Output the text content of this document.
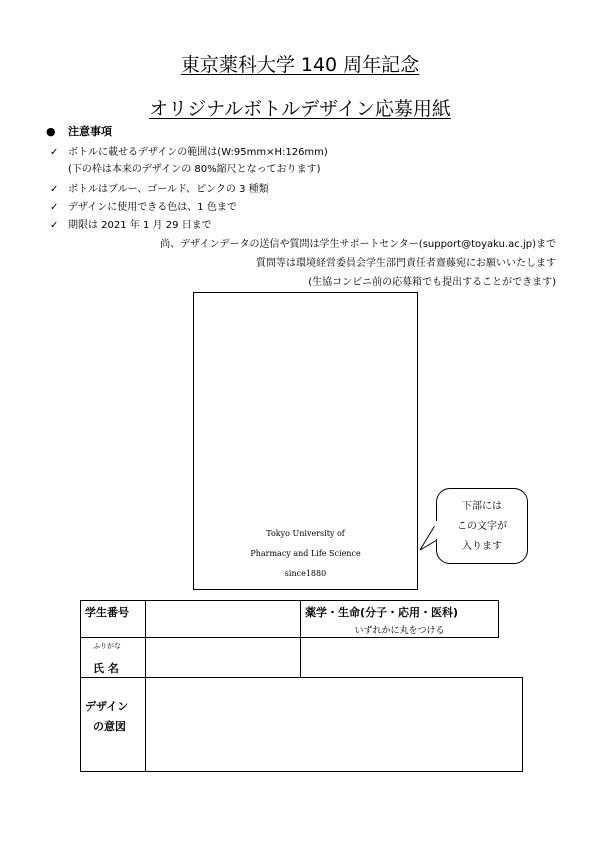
東京薬科大学 140 周年記念
オリジナルボトルデザイン応募用紙
● 注意事項
✓ ボトルに載せるデザインの範囲は(W:95mm×H:126mm)
(下の枠は本来のデザインの 80%縮尺となっております)
✓ ボトルはブルー、ゴールド、ピンクの 3 種類
✓ デザインに使用できる色は、1 色まで
✓ 期限は 2021 年 1 月 29 日まで
尚、デザインデータの送信や質問は学生サポートセンター(support@toyaku.ac.jp)まで
質問等は環境経営委員会学生部門責任者齋藤宛にお願いいたします
(生協コンビニ前の応募箱でも提出することができます)
Tokyo University of
Pharmacy and Life Science
since1880
下部には
この文字が
入ります
学生番号	薬学・生命(分子・応用・医科)
いずれかに丸をつける
ふりがな
氏 名
デザイン
の意図
